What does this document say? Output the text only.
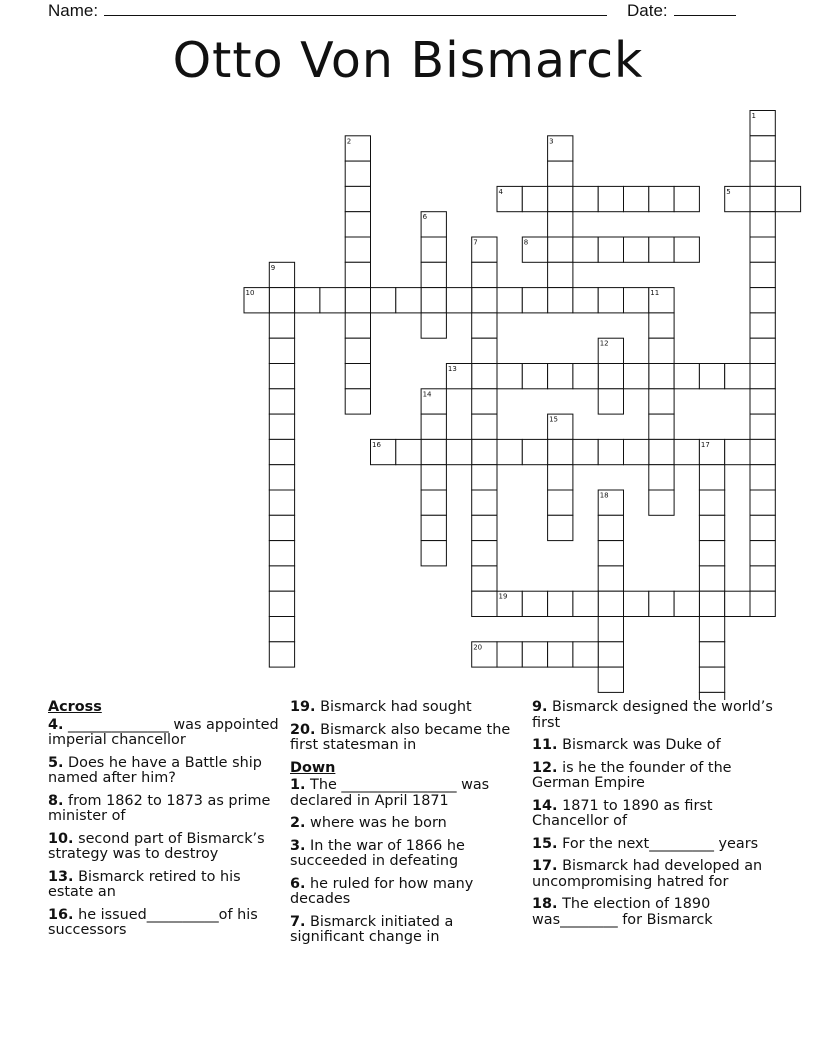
Name:	Date:
Otto Von Bismarck
1
2	3
4	5
6
7	8
9
10	11
12
13
14
15
16	17
18
19
20
Across
4. ______________ was appointed imperial chancellor
5. Does he have a Battle ship named after him?
8. from 1862 to 1873 as prime minister of
10. second part of Bismarck’s strategy was to destroy
13. Bismarck retired to his estate an
16. he issued__________of his successors
19. Bismarck had sought
20. Bismarck also became the first statesman in
Down
1. The ________________ was declared in April 1871
2. where was he born
3. In the war of 1866 he succeeded in defeating
6. he ruled for how many decades
7. Bismarck initiated a significant change in
9. Bismarck designed the world’s first
11. Bismarck was Duke of
12. is he the founder of the German Empire
14. 1871 to 1890 as first Chancellor of
15. For the next_________ years
17. Bismarck had developed an uncompromising hatred for
18. The election of 1890 was________ for Bismarck
